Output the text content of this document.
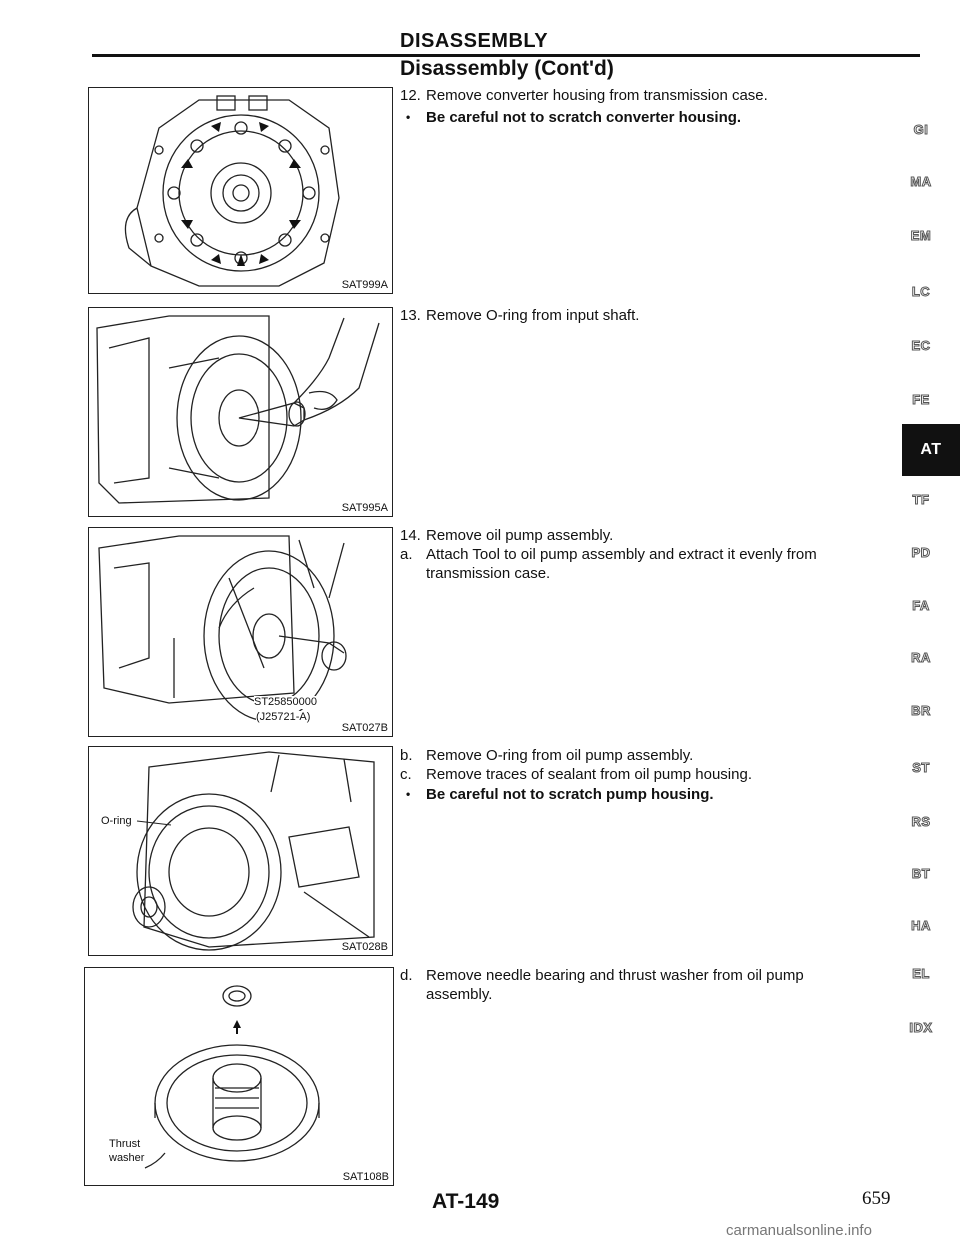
DISASSEMBLY
Disassembly (Cont'd)
SAT999A
SAT995A
ST25850000
(J25721-A)
SAT027B
O-ring
SAT028B
Thrust
washer
SAT108B
12. Remove converter housing from transmission case.
• Be careful not to scratch converter housing.
13. Remove O-ring from input shaft.
14. Remove oil pump assembly.
a. Attach Tool to oil pump assembly and extract it evenly from
transmission case.
b. Remove O-ring from oil pump assembly.
c. Remove traces of sealant from oil pump housing.
• Be careful not to scratch pump housing.
d. Remove needle bearing and thrust washer from oil pump
assembly.
GI
MA
EM
LC
EC
FE
AT
TF
PD
FA
RA
BR
ST
RS
BT
HA
EL
IDX
AT-149	659
carmanualsonline.info
